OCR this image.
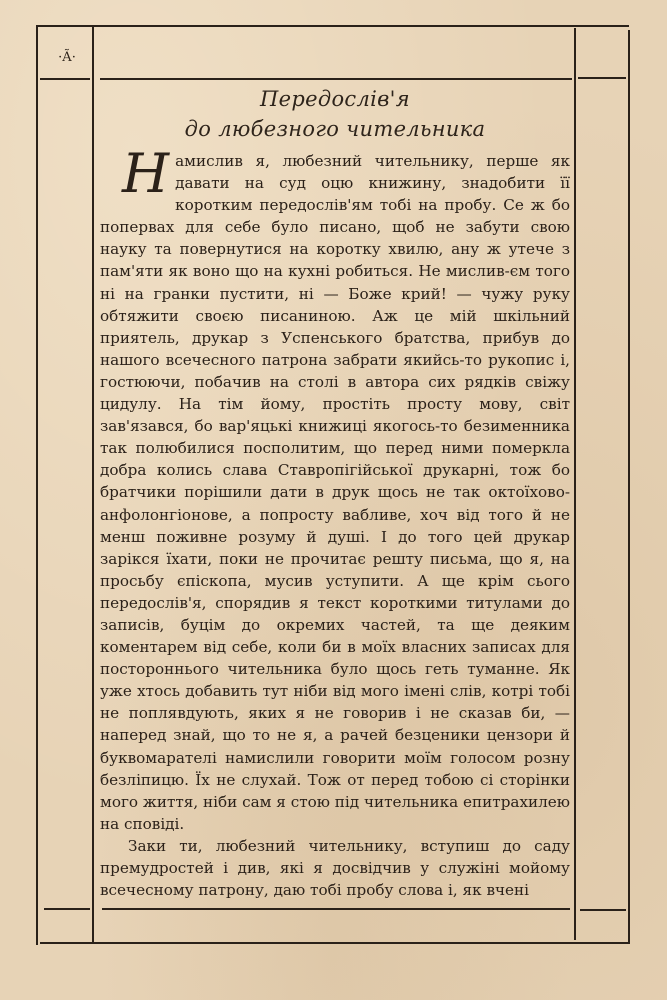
·Ã·
Передослів'я
до любезного чительника

Н амислив я, любезний чительнику, перше як давати на суд оцю книжину, знадобити її коротким передослів'ям тобі на пробу. Се ж бо попервах для себе було писано, щоб не забути свою науку та повернутися на коротку хвилю, ану ж утече з пам'яти як воно що на кухні робиться. Не мислив-єм того ні на гранки пустити, ні — Боже крий! — чужу руку обтяжити своєю писаниною. Аж це мій шкільний приятель, друкар з Успенського братства, прибув до нашого всечесного патрона забрати якийсь-то рукопис і, гостюючи, побачив на столі в автора сих рядків свіжу цидулу. На тім йому, простіть просту мову, світ зав'язався, бо вар'яцькі книжиці якогось-то безименника так полюбилися посполитим, що перед ними померкла добра колись слава Ставропігійської друкарні, тож бо братчики порішили дати в друк щось не так октоїхово-анфолонгіонове, а попросту вабливе, хоч від того й не менш поживне розуму й душі. І до того цей друкар зарікся їхати, поки не прочитає решту письма, що я, на просьбу єпіскопа, мусив уступити. А ще крім сього передослів'я, спорядив я текст короткими титулами до записів, буцім до окремих частей, та ще деяким коментарем від себе, коли би в моїх власних записах для постороннього чительника було щось геть туманне. Як уже хтось добавить тут ніби від мого імені слів, котрі тобі не поплявдують, яких я не говорив і не сказав би, — наперед знай, що то не я, а рачей безценики цензори й буквомарателі намислили говорити моїм голосом розну безліпицю. Їх не слухай. Тож от перед тобою сі сторінки мого життя, ніби сам я стою під чительника епитрахилею на сповіді.

Заки ти, любезний чительнику, вступиш до саду премудростей і див, які я досвідчив у служіні мойому всечесному патрону, даю тобі пробу слова і, як вчені
